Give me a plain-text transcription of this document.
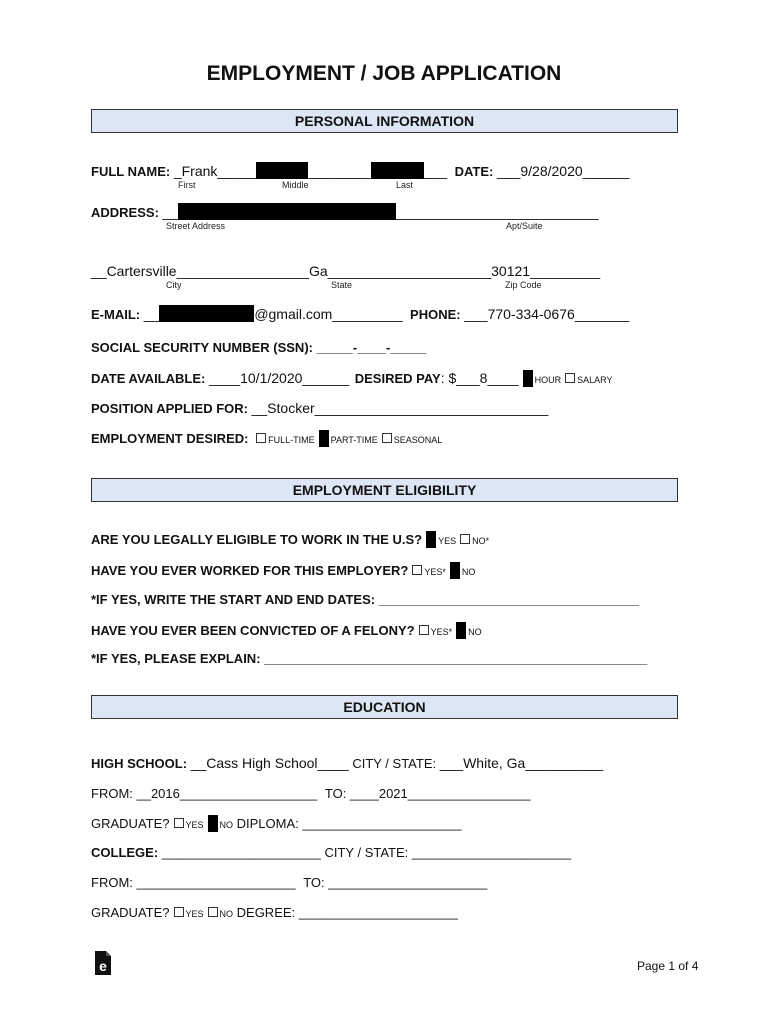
EMPLOYMENT / JOB APPLICATION
PERSONAL INFORMATION
FULL NAME: _Frank_____	________	___ DATE: ___9/28/2020______
First	Middle	Last
ADDRESS: __	__________________________
Street Address	Apt/Suite
__Cartersville_________________Ga_____________________30121_________
City	State	Zip Code
E-MAIL: __	@gmail.com_________ PHONE: ___770-334-0676_______
SOCIAL SECURITY NUMBER (SSN): _____-____-_____
DATE AVAILABLE: ____10/1/2020______ DESIRED PAY: $___8____ HOUR SALARY
POSITION APPLIED FOR: __Stocker______________________________
EMPLOYMENT DESIRED: FULL-TIME PART-TIME SEASONAL
EMPLOYMENT ELIGIBILITY
ARE YOU LEGALLY ELIGIBLE TO WORK IN THE U.S? YES NO*
HAVE YOU EVER WORKED FOR THIS EMPLOYER? YES* NO
*IF YES, WRITE THE START AND END DATES: ____________________________________
HAVE YOU EVER BEEN CONVICTED OF A FELONY? YES* NO
*IF YES, PLEASE EXPLAIN: _____________________________________________________
EDUCATION
HIGH SCHOOL: __Cass High School____ CITY / STATE: ___White, Ga__________
FROM: __2016___________________ TO: ____2021_________________
GRADUATE? YES NO DIPLOMA: ______________________
COLLEGE: ______________________ CITY / STATE: ______________________
FROM: ______________________ TO: ______________________
GRADUATE? YES NO DEGREE: ______________________
e	Page 1 of 4
